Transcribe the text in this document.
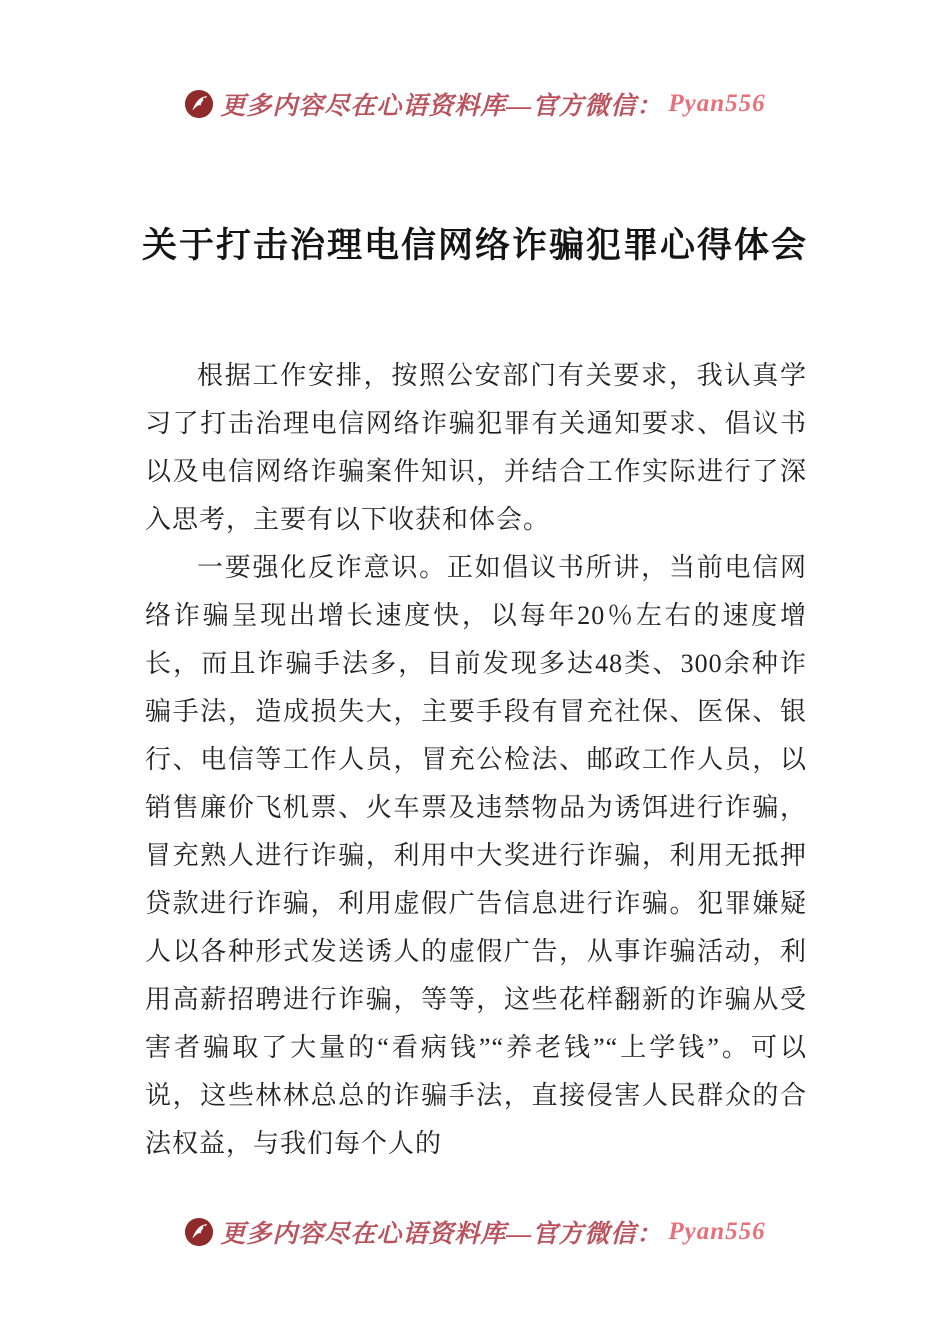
更多内容尽在心语资料库—官方微信： Pyan556
关于打击治理电信网络诈骗犯罪心得体会

根据工作安排，按照公安部门有关要求，我认真学习了打击治理电信网络诈骗犯罪有关通知要求、倡议书以及电信网络诈骗案件知识，并结合工作实际进行了深入思考，主要有以下收获和体会。

一要强化反诈意识。正如倡议书所讲，当前电信网络诈骗呈现出增长速度快，以每年20％左右的速度增长，而且诈骗手法多，目前发现多达48类、300余种诈骗手法，造成损失大，主要手段有冒充社保、医保、银行、电信等工作人员，冒充公检法、邮政工作人员，以销售廉价飞机票、火车票及违禁物品为诱饵进行诈骗，冒充熟人进行诈骗，利用中大奖进行诈骗，利用无抵押贷款进行诈骗，利用虚假广告信息进行诈骗。犯罪嫌疑人以各种形式发送诱人的虚假广告，从事诈骗活动，利用高薪招聘进行诈骗，等等，这些花样翻新的诈骗从受害者骗取了大量的“看病钱”“养老钱”“上学钱”。可以说，这些林林总总的诈骗手法，直接侵害人民群众的合法权益，与我们每个人的

更多内容尽在心语资料库—官方微信： Pyan556
